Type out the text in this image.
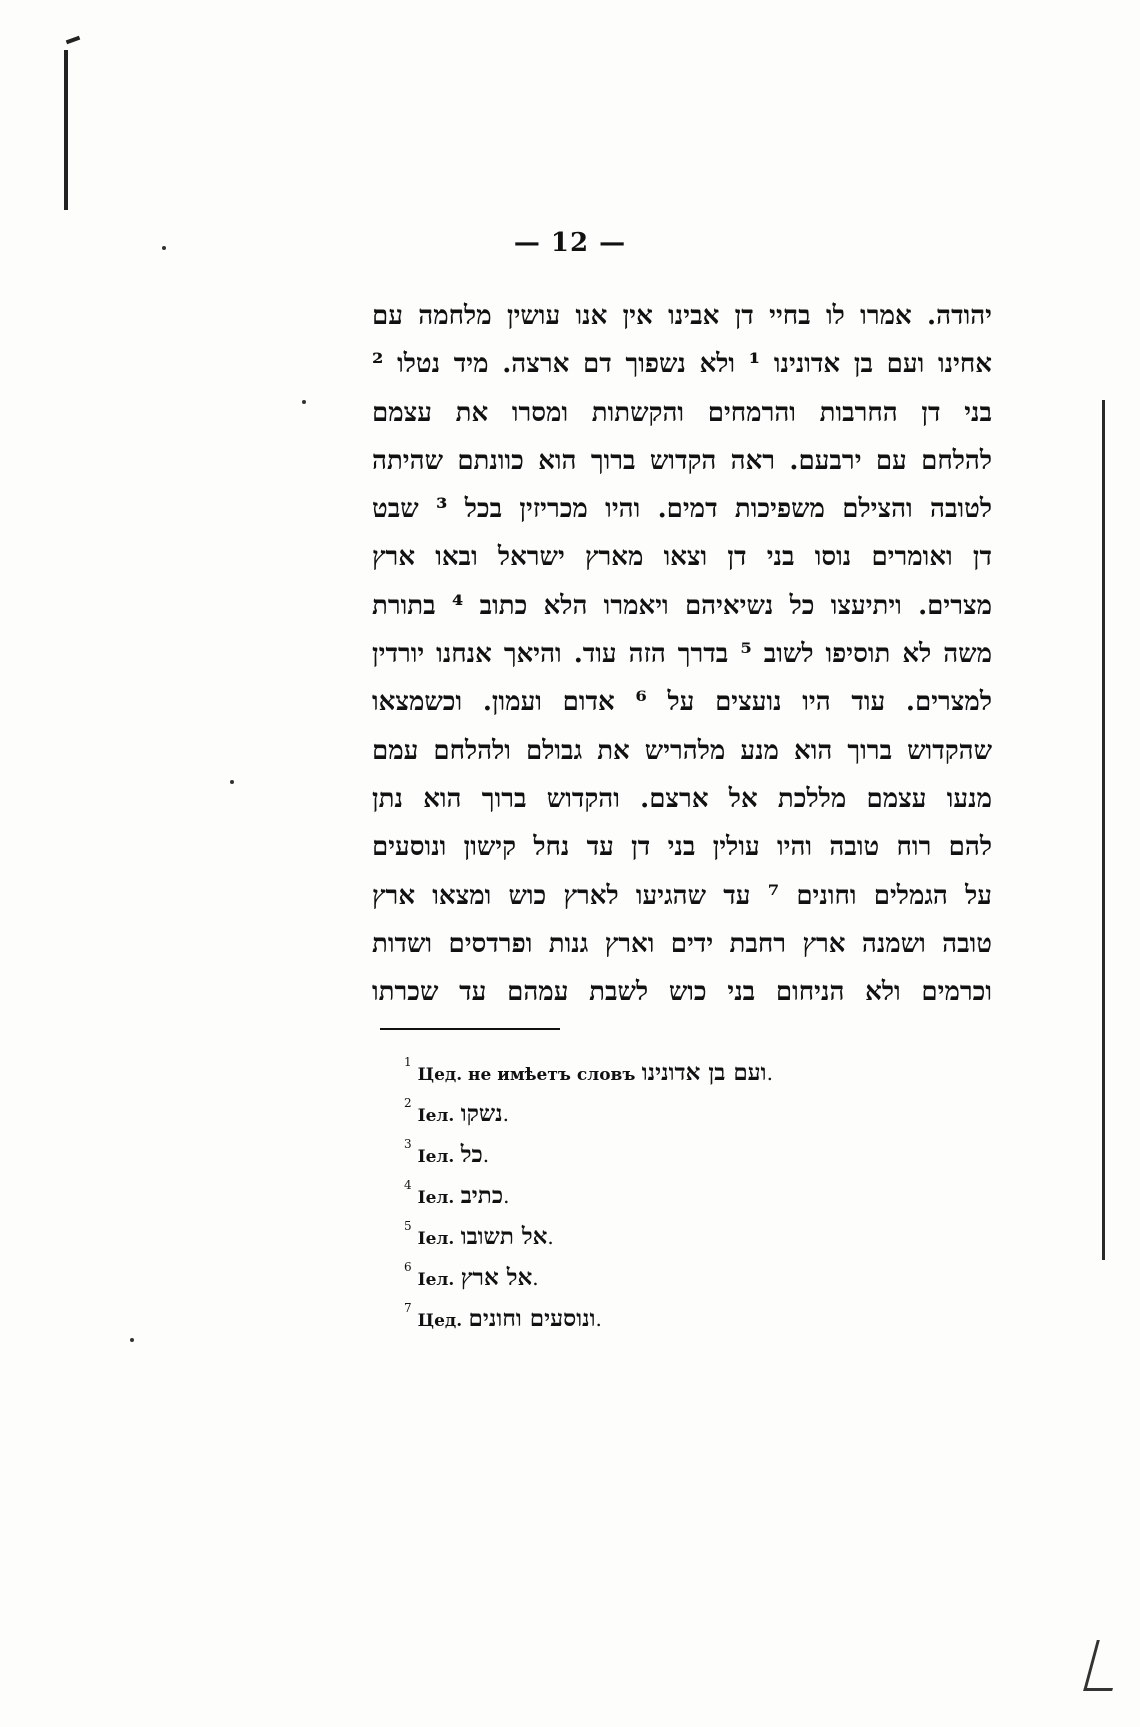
— 12 —
יהודה. אמרו לו בחיי דן אבינו אין אנו עושין מלחמה עם
אחינו ועם בן אדונינו ¹ ולא נשפוך דם ארצה. מיד נטלו ²
בני דן החרבות והרמחים והקשתות ומסרו את עצמם
להלחם עם ירבעם. ראה הקדוש ברוך הוא כוונתם שהיתה
לטובה והצילם משפיכות דמים. והיו מכריזין בכל ³ שבט
דן ואומרים נוסו בני דן וצאו מארץ ישראל ובאו ארץ
מצרים. ויתיעצו כל נשיאיהם ויאמרו הלא כתוב ⁴ בתורת
משה לא תוסיפו לשוב ⁵ בדרך הזה עוד. והיאך אנחנו יורדין
למצרים. עוד היו נועצים על ⁶ אדום ועמון. וכשמצאו
שהקדוש ברוך הוא מנע מלהריש את גבולם ולהלחם עמם
מנעו עצמם מללכת אל ארצם. והקדוש ברוך הוא נתן
להם רוח טובה והיו עולין בני דן עד נחל קישון ונוסעים
על הגמלים וחונים ⁷ עד שהגיעו לארץ כוש ומצאו ארץ
טובה ושמנה ארץ רחבת ידים וארץ גנות ופרדסים ושדות
וכרמים ולא הניחום בני כוש לשבת עמהם עד שכרתו
$^1$Цед. не имѣетъ словъ ועם בן אדונינו.
$^2$Іел. נשקו.
$^3$Іел. כל.
$^4$Іел. כתיב.
$^5$Іел. אל תשובו.
$^6$Іел. אל ארץ.
$^7$Цед. ונוסעים וחונים.
